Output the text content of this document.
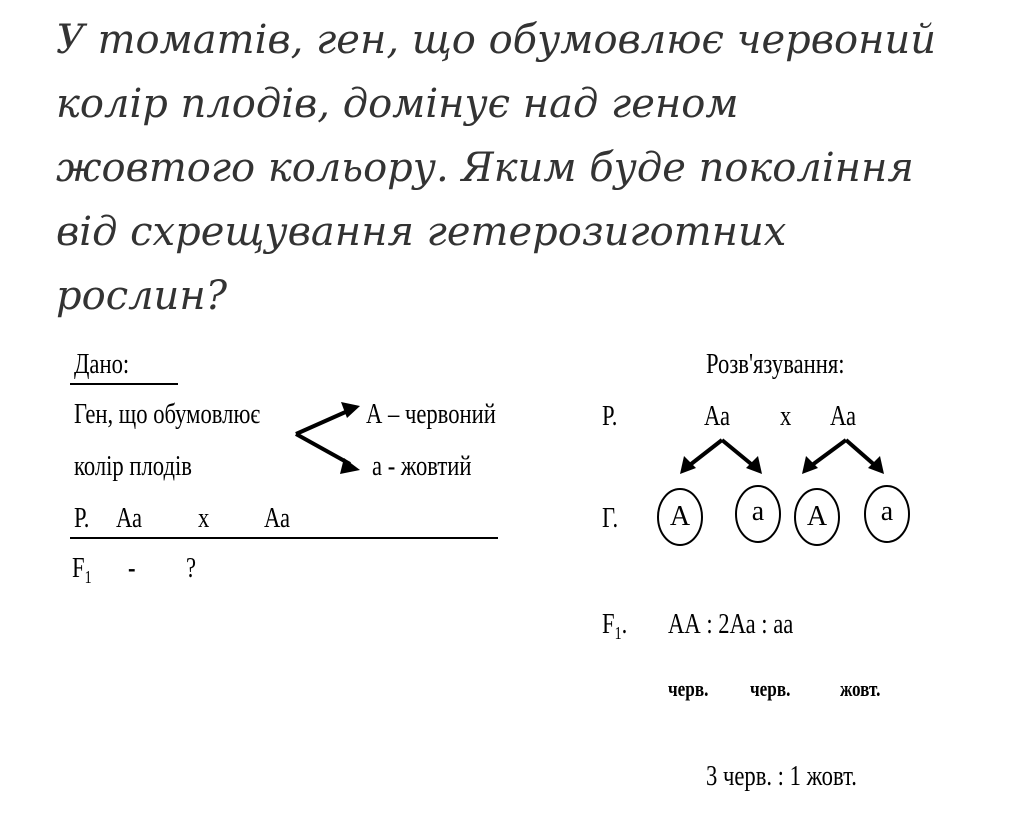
У томатів, ген, що обумовлює червоний
колір плодів, домінує над геном
жовтого кольору. Яким буде покоління
від схрещування гетерозиготних
рослин?
Дано:
Ген, що обумовлює
колір плодів
А – червоний
а - жовтий
Р. Аа х Аа
$F_1$ - ?
Розв'язування:
Р.	Аа х Аа
Г.	А	а	А	а
$F_1$. АА : 2Аа : аа
черв. черв. жовт.
3 черв. : 1 жовт.
